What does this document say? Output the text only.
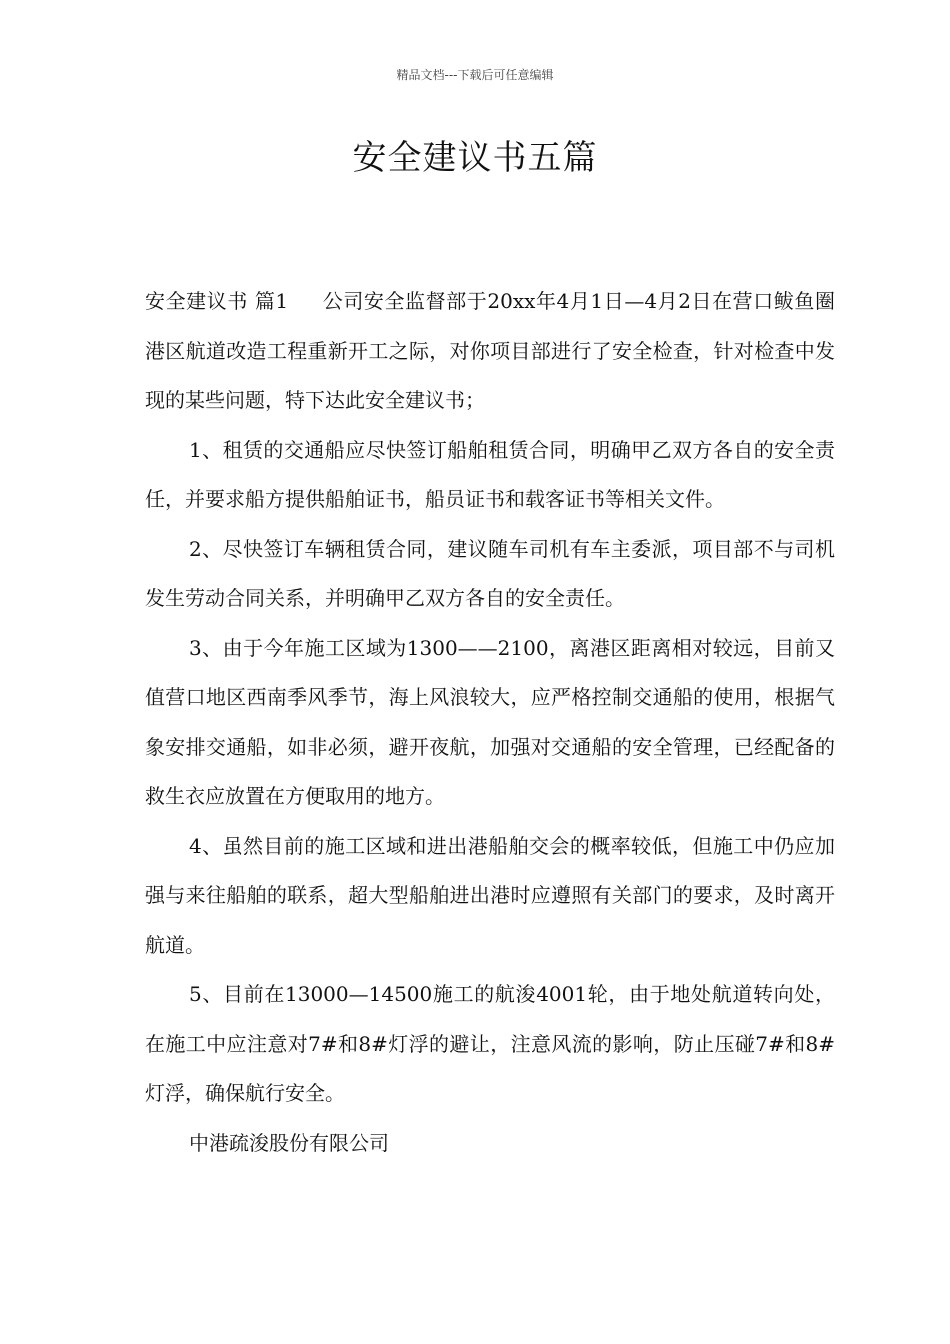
精品文档---下载后可任意编辑
安全建议书五篇

安全建议书 篇1 公司安全监督部于20xx年4月1日—4月2日在营口鲅鱼圈港区航道改造工程重新开工之际，对你项目部进行了安全检查，针对检查中发现的某些问题，特下达此安全建议书；

1、租赁的交通船应尽快签订船舶租赁合同，明确甲乙双方各自的安全责任，并要求船方提供船舶证书，船员证书和载客证书等相关文件。

2、尽快签订车辆租赁合同，建议随车司机有车主委派，项目部不与司机发生劳动合同关系，并明确甲乙双方各自的安全责任。

3、由于今年施工区域为1300——2100，离港区距离相对较远，目前又值营口地区西南季风季节，海上风浪较大，应严格控制交通船的使用，根据气象安排交通船，如非必须，避开夜航，加强对交通船的安全管理，已经配备的救生衣应放置在方便取用的地方。

4、虽然目前的施工区域和进出港船舶交会的概率较低，但施工中仍应加强与来往船舶的联系，超大型船舶进出港时应遵照有关部门的要求，及时离开航道。

5、目前在13000—14500施工的航浚4001轮，由于地处航道转向处，在施工中应注意对7#和8#灯浮的避让，注意风流的影响，防止压碰7#和8#灯浮，确保航行安全。

中港疏浚股份有限公司
